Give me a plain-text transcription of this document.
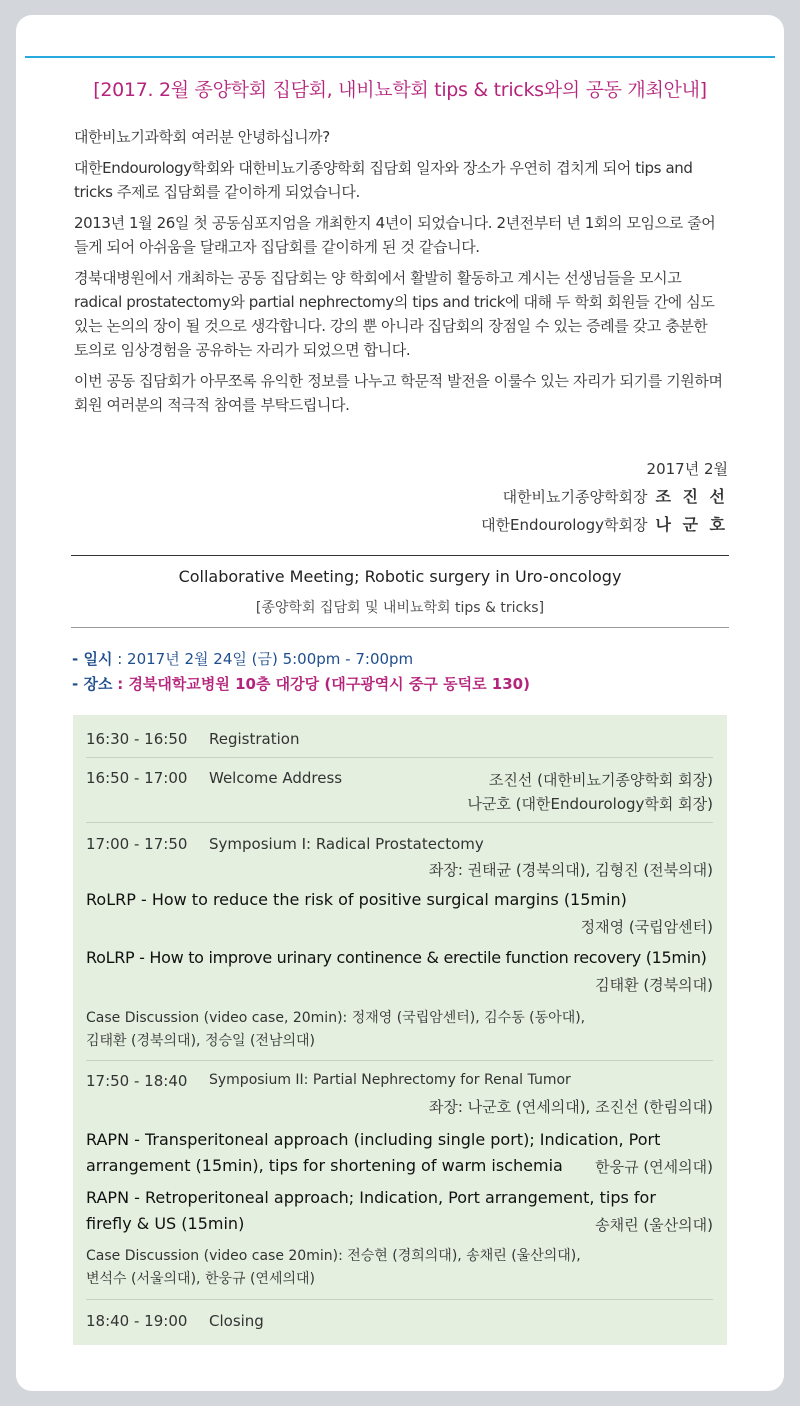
[2017. 2월 종양학회 집담회, 내비뇨학회 tips & tricks와의 공동 개최안내]

대한비뇨기과학회 여러분 안녕하십니까?

대한Endourology학회와 대한비뇨기종양학회 집담회 일자와 장소가 우연히 겹치게 되어 tips and tricks 주제로 집담회를 같이하게 되었습니다.

2013년 1월 26일 첫 공동심포지엄을 개최한지 4년이 되었습니다. 2년전부터 년 1회의 모임으로 줄어들게 되어 아쉬움을 달래고자 집담회를 같이하게 된 것 같습니다.

경북대병원에서 개최하는 공동 집담회는 양 학회에서 활발히 활동하고 계시는 선생님들을 모시고 radical prostatectomy와 partial nephrectomy의 tips and trick에 대해 두 학회 회원들 간에 심도 있는 논의의 장이 될 것으로 생각합니다. 강의 뿐 아니라 집담회의 장점일 수 있는 증례를 갖고 충분한 토의로 임상경험을 공유하는 자리가 되었으면 합니다.

이번 공동 집담회가 아무쪼록 유익한 정보를 나누고 학문적 발전을 이룰수 있는 자리가 되기를 기원하며 회원 여러분의 적극적 참여를 부탁드립니다.

2017년 2월
대한비뇨기종양학회장 조 진 선
대한Endourology학회장 나 군 호
Collaborative Meeting; Robotic surgery in Uro-oncology
[종양학회 집담회 및 내비뇨학회 tips & tricks]
- 일시 : 2017년 2월 24일 (금) 5:00pm - 7:00pm
- 장소 : 경북대학교병원 10층 대강당 (대구광역시 중구 동덕로 130)
16:30 - 16:50 Registration
16:50 - 17:00 Welcome Address	조진선 (대한비뇨기종양학회 회장)
나군호 (대한Endourology학회 회장)
17:00 - 17:50 Symposium I: Radical Prostatectomy
좌장: 권태균 (경북의대), 김형진 (전북의대)
RoLRP - How to reduce the risk of positive surgical margins (15min)
정재영 (국립암센터)
RoLRP - How to improve urinary continence & erectile function recovery (15min)
김태환 (경북의대)
Case Discussion (video case, 20min): 정재영 (국립암센터), 김수동 (동아대),
김태환 (경북의대), 정승일 (전남의대)
17:50 - 18:40 Symposium II: Partial Nephrectomy for Renal Tumor
좌장: 나군호 (연세의대), 조진선 (한림의대)
RAPN - Transperitoneal approach (including single port); Indication, Port
arrangement (15min), tips for shortening of warm ischemia	한웅규 (연세의대)
RAPN - Retroperitoneal approach; Indication, Port arrangement, tips for
firefly & US (15min)	송채린 (울산의대)
Case Discussion (video case 20min): 전승현 (경희의대), 송채린 (울산의대),
변석수 (서울의대), 한웅규 (연세의대)
18:40 - 19:00 Closing
